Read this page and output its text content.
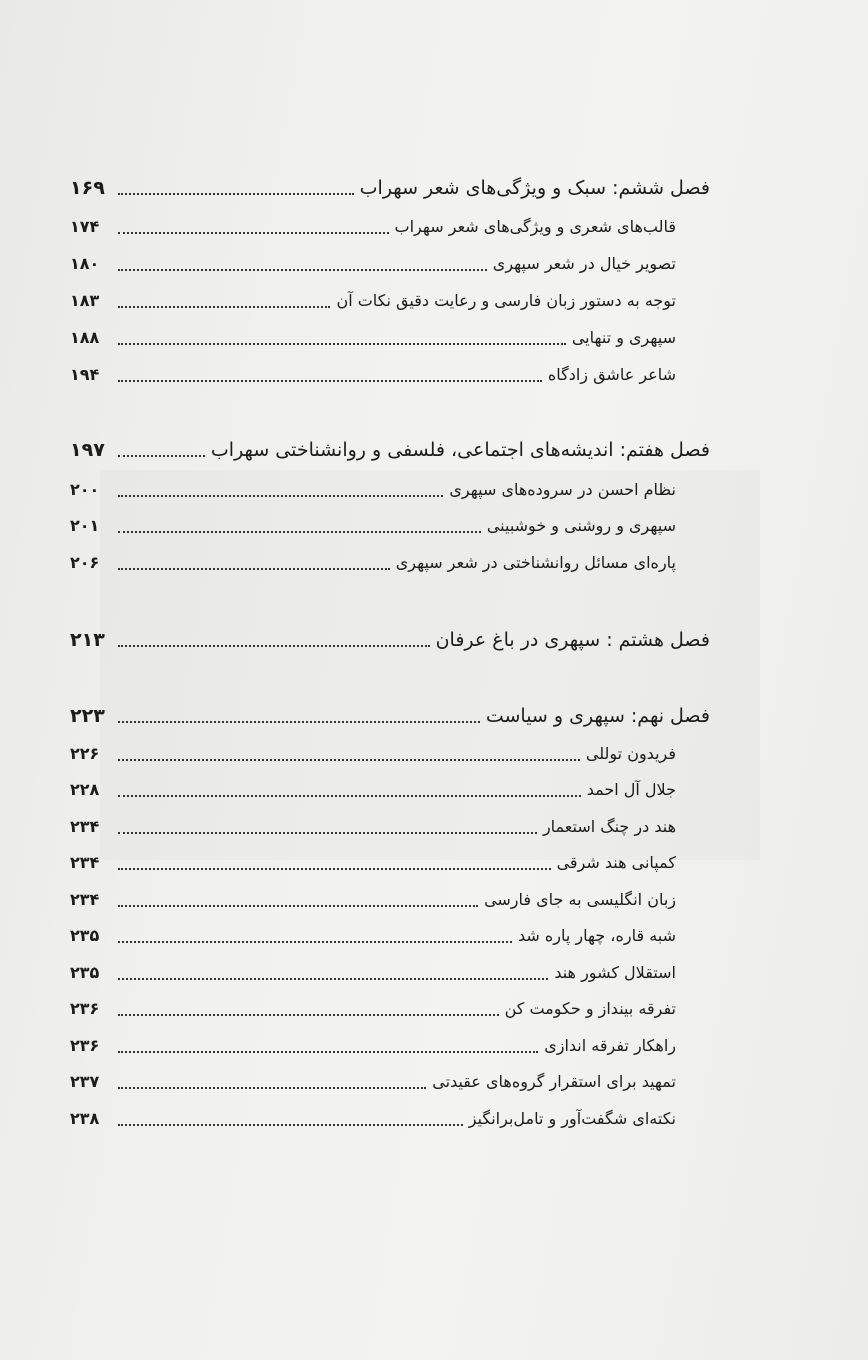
فصل ششم: سبک و ویژگی‌های شعر سهراب
۱۶۹
قالب‌های شعری و ویژگی‌های شعر سهراب
۱۷۴
تصویر خیال در شعر سپهری
۱۸۰
توجه به دستور زبان فارسی و رعایت دقیق نکات آن
۱۸۳
سپهری و تنهایی
۱۸۸
شاعر عاشق زادگاه
۱۹۴
فصل هفتم: اندیشه‌های اجتماعی، فلسفی و روانشناختی سهراب
۱۹۷
نظام احسن در سروده‌های سپهری
۲۰۰
سپهری و روشنی و خوشبینی
۲۰۱
پاره‌ای مسائل روانشناختی در شعر سپهری
۲۰۶
فصل هشتم : سپهری در باغ عرفان
۲۱۳
فصل نهم: سپهری و سیاست
۲۲۳
فریدون توللی
۲۲۶
جلال آل احمد
۲۲۸
هند در چنگ استعمار
۲۳۴
کمپانی هند شرقی
۲۳۴
زبان انگلیسی به جای فارسی
۲۳۴
شبه قاره، چهار پاره شد
۲۳۵
استقلال کشور هند
۲۳۵
تفرقه بینداز و حکومت کن
۲۳۶
راهکار تفرقه اندازی
۲۳۶
تمهید برای استقرار گروه‌های عقیدتی
۲۳۷
نکته‌ای شگفت‌آور و تامل‌برانگیز
۲۳۸
